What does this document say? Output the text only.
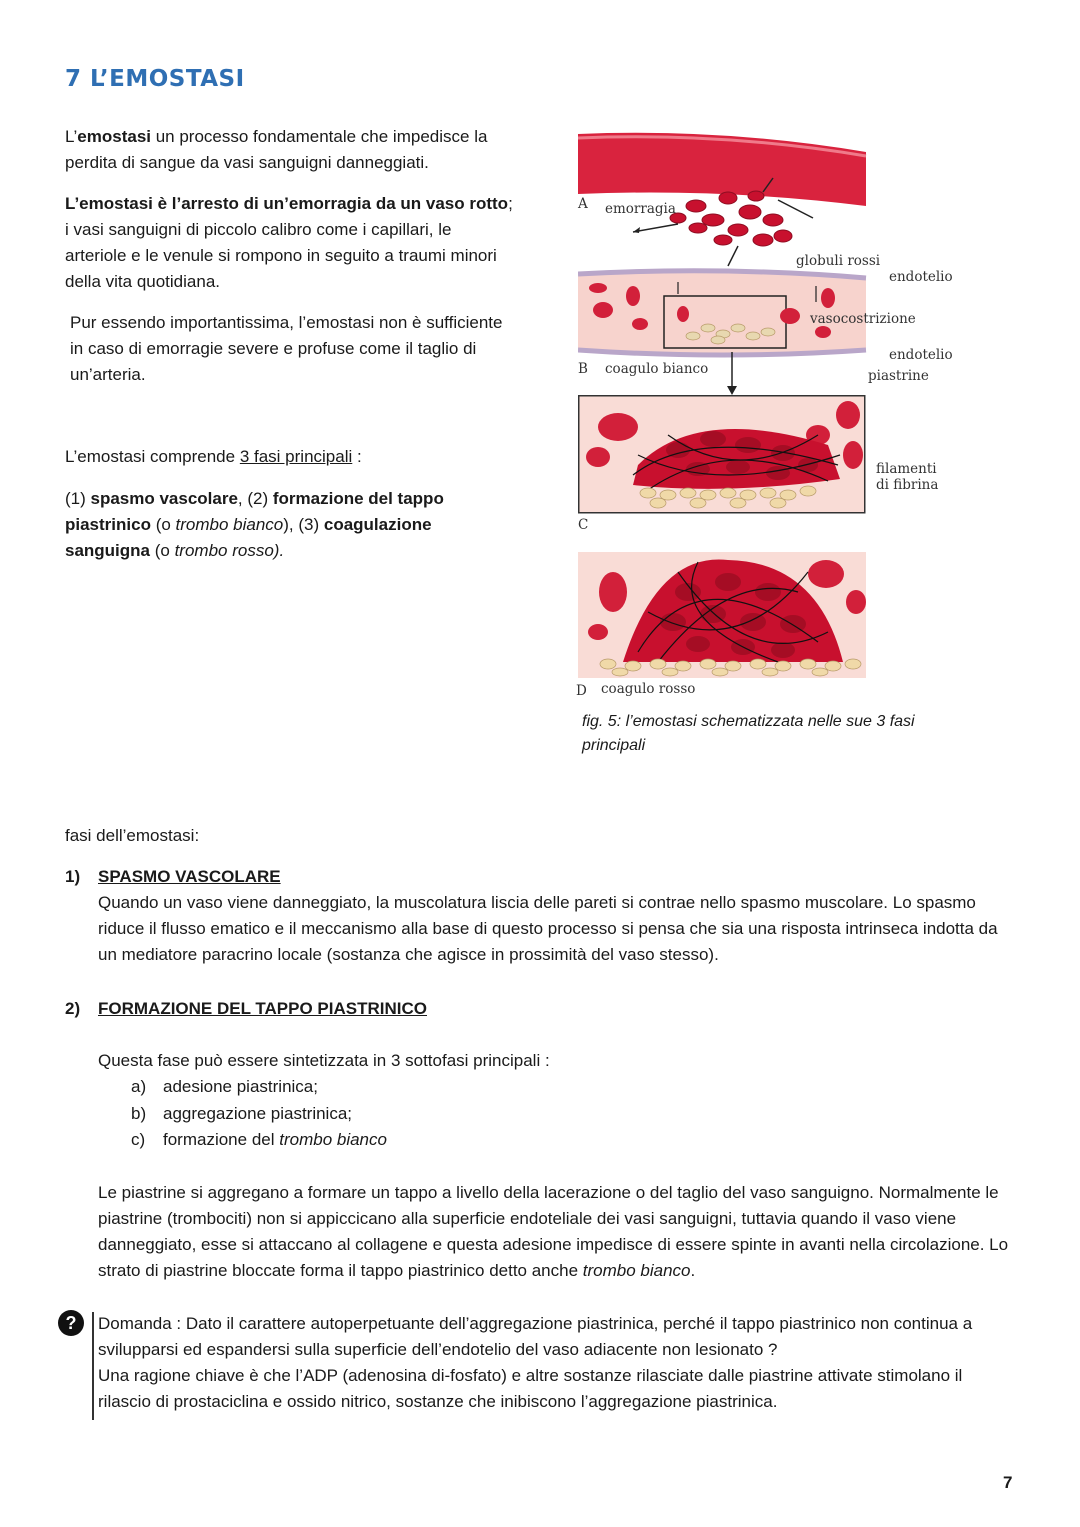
7 L’EMOSTASI

L’emostasi un processo fondamentale che impedisce la perdita di sangue da vasi sanguigni danneggiati.

L’emostasi è l’arresto di un’emorragia da un vaso rotto; i vasi sanguigni di piccolo calibro come i capillari, le arteriole e le venule si rompono in seguito a traumi minori della vita quotidiana.

Pur essendo importantissima, l’emostasi non è sufficiente in caso di emorragie severe e profuse come il taglio di un’arteria.

L’emostasi comprende 3 fasi principali :

(1) spasmo vascolare, (2) formazione del tappo piastrinico (o trombo bianco), (3) coagulazione sanguigna (o trombo rosso).

A emorragia
globuli rossi
endotelio
vasocostrizione
endotelio
B coagulo bianco	piastrine
filamenti
di fibrina
C
D coagulo rosso

fig. 5: l’emostasi schematizzata nelle sue 3 fasi principali

fasi dell’emostasi:

1) SPASMO VASCOLARE

Quando un vaso viene danneggiato, la muscolatura liscia delle pareti si contrae nello spasmo muscolare. Lo spasmo riduce il flusso ematico e il meccanismo alla base di questo processo si pensa che sia una risposta intrinseca indotta da un mediatore paracrino locale (sostanza che agisce in prossimità del vaso stesso).

2) FORMAZIONE DEL TAPPO PIASTRINICO

Questa fase può essere sintetizzata in 3 sottofasi principali :

a) adesione piastrinica;
b) aggregazione piastrinica;
c) formazione del trombo bianco

Le piastrine si aggregano a formare un tappo a livello della lacerazione o del taglio del vaso sanguigno. Normalmente le piastrine (trombociti) non si appiccicano alla superficie endoteliale dei vasi sanguigni, tuttavia quando il vaso viene danneggiato, esse si attaccano al collagene e questa adesione impedisce di essere spinte in avanti nella circolazione. Lo strato di piastrine bloccate forma il tappo piastrinico detto anche trombo bianco.

?	Domanda : Dato il carattere autoperpetuante dell’aggregazione piastrinica, perché il tappo piastrinico non continua a svilupparsi ed espandersi sulla superficie dell’endotelio del vaso adiacente non lesionato ?

Una ragione chiave è che l’ADP (adenosina di-fosfato) e altre sostanze rilasciate dalle piastrine attivate stimolano il rilascio di prostaciclina e ossido nitrico, sostanze che inibiscono l’aggregazione piastrinica.

7
